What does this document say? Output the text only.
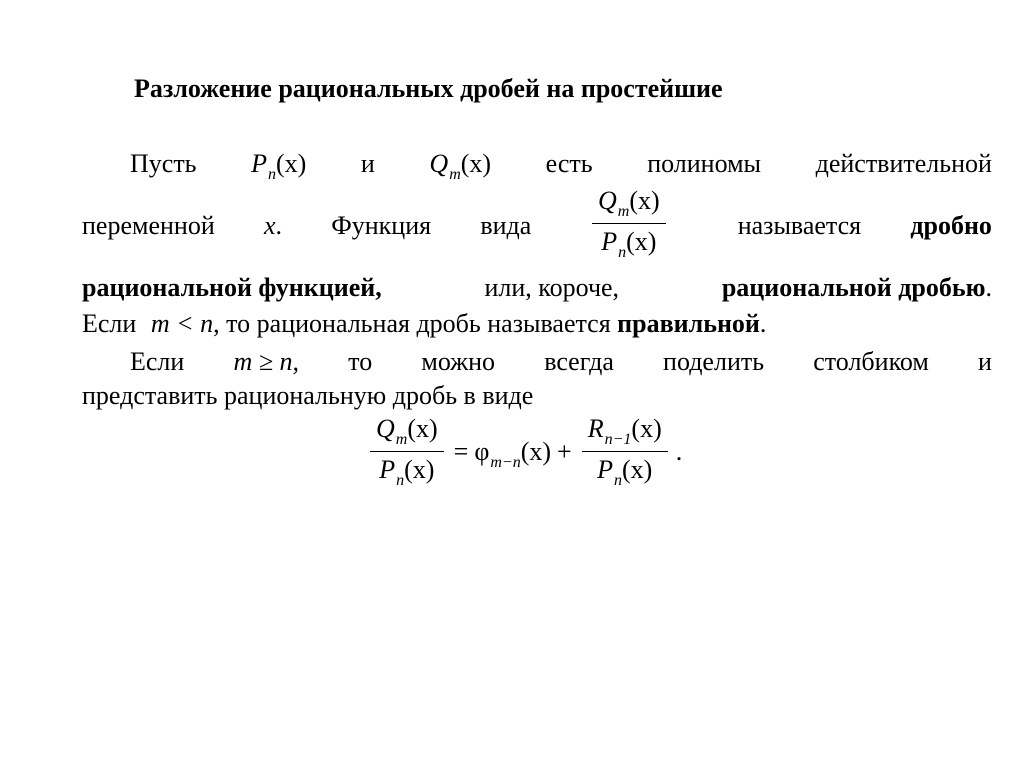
Разложение рациональных дробей на простейшие
Пусть $P_n(x)$ и $Q_m(x)$ есть полиномы действительной
переменной x. Функция вида	называется дробно
$\frac{Q_m(x)}{P_n(x)}$
рациональной функцией,	или, короче,	рациональной дробью.
Если m < n, то рациональная дробь называется правильной.
Если m ≥ n, то можно всегда поделить столбиком и
представить рациональную дробь в виде
$\frac{Q_m(x)}{P_n(x)} = \varphi_{m-n}(x) + \frac{R_{n-1}(x)}{P_n(x)}$ .
